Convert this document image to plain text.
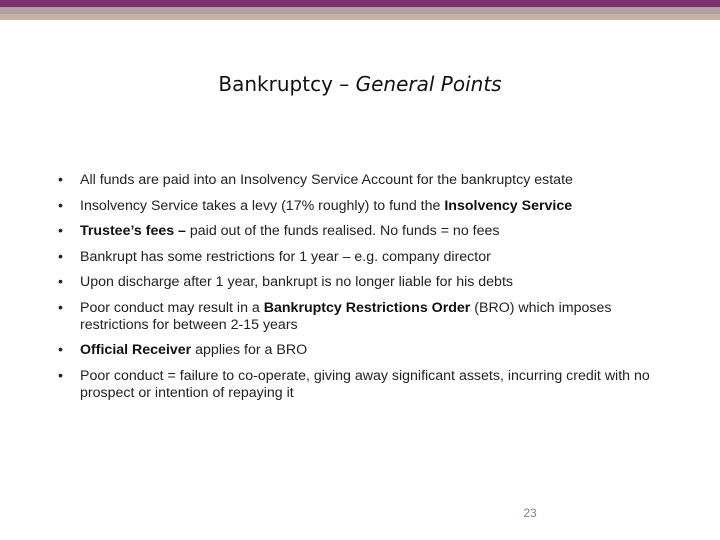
Bankruptcy – General Points
• All funds are paid into an Insolvency Service Account for the bankruptcy estate
• Insolvency Service takes a levy (17% roughly) to fund the Insolvency Service
• Trustee’s fees – paid out of the funds realised. No funds = no fees
• Bankrupt has some restrictions for 1 year – e.g. company director
• Upon discharge after 1 year, bankrupt is no longer liable for his debts
• Poor conduct may result in a Bankruptcy Restrictions Order (BRO) which imposes restrictions for between 2-15 years
• Official Receiver applies for a BRO
• Poor conduct = failure to co-operate, giving away significant assets, incurring credit with no prospect or intention of repaying it
23
